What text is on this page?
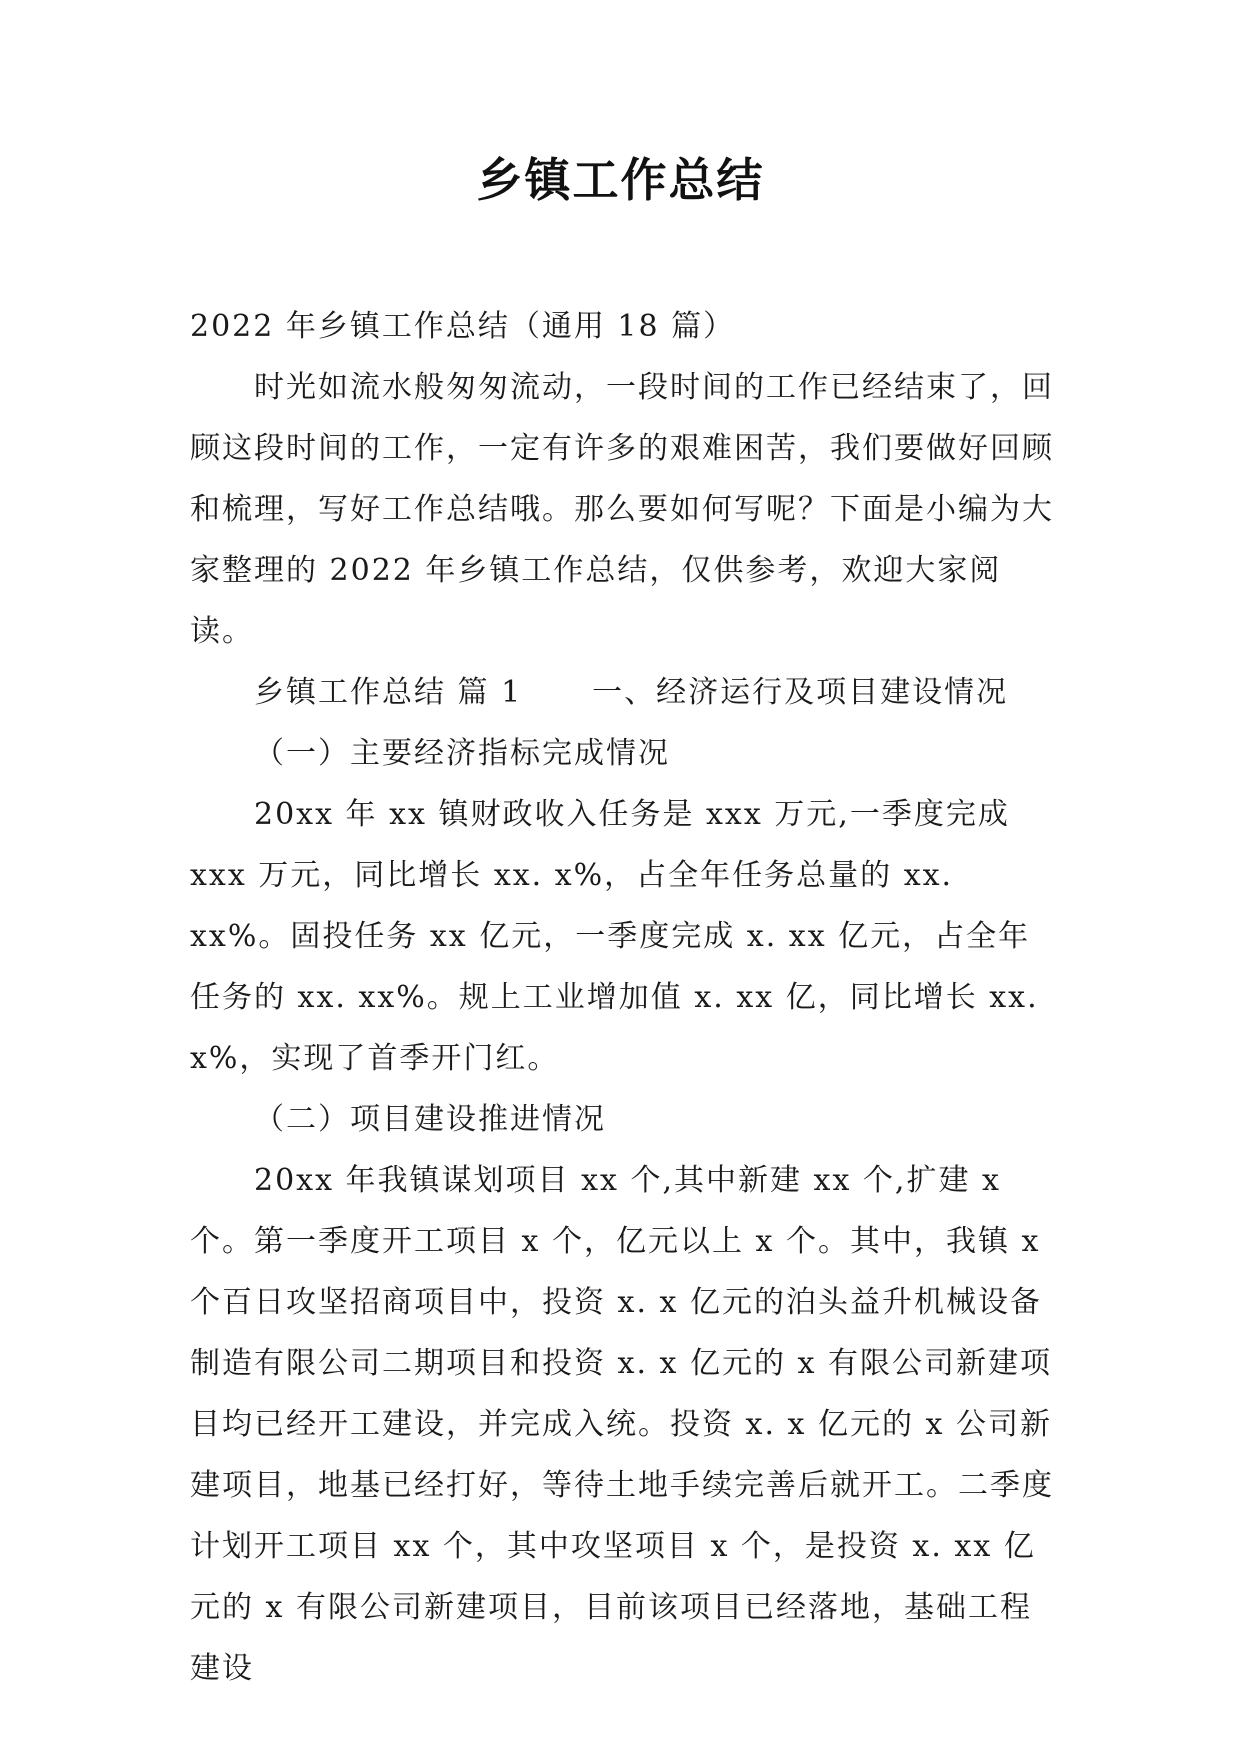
乡镇工作总结

2022 年乡镇工作总结（通用 18 篇）

时光如流水般匆匆流动，一段时间的工作已经结束了，回顾这段时间的工作，一定有许多的艰难困苦，我们要做好回顾和梳理，写好工作总结哦。那么要如何写呢？下面是小编为大家整理的 2022 年乡镇工作总结，仅供参考，欢迎大家阅读。

乡镇工作总结 篇 1 一、经济运行及项目建设情况

（一）主要经济指标完成情况

20xx 年 xx 镇财政收入任务是 xxx 万元,一季度完成 xxx 万元，同比增长 xx. x%，占全年任务总量的 xx. xx%。固投任务 xx 亿元，一季度完成 x. xx 亿元，占全年任务的 xx. xx%。规上工业增加值 x. xx 亿，同比增长 xx. x%，实现了首季开门红。

（二）项目建设推进情况

20xx 年我镇谋划项目 xx 个,其中新建 xx 个,扩建 x 个。第一季度开工项目 x 个，亿元以上 x 个。其中，我镇 x 个百日攻坚招商项目中，投资 x. x 亿元的泊头益升机械设备制造有限公司二期项目和投资 x. x 亿元的 x 有限公司新建项目均已经开工建设，并完成入统。投资 x. x 亿元的 x 公司新建项目，地基已经打好，等待土地手续完善后就开工。二季度计划开工项目 xx 个，其中攻坚项目 x 个，是投资 x. xx 亿元的 x 有限公司新建项目，目前该项目已经落地，基础工程建设
